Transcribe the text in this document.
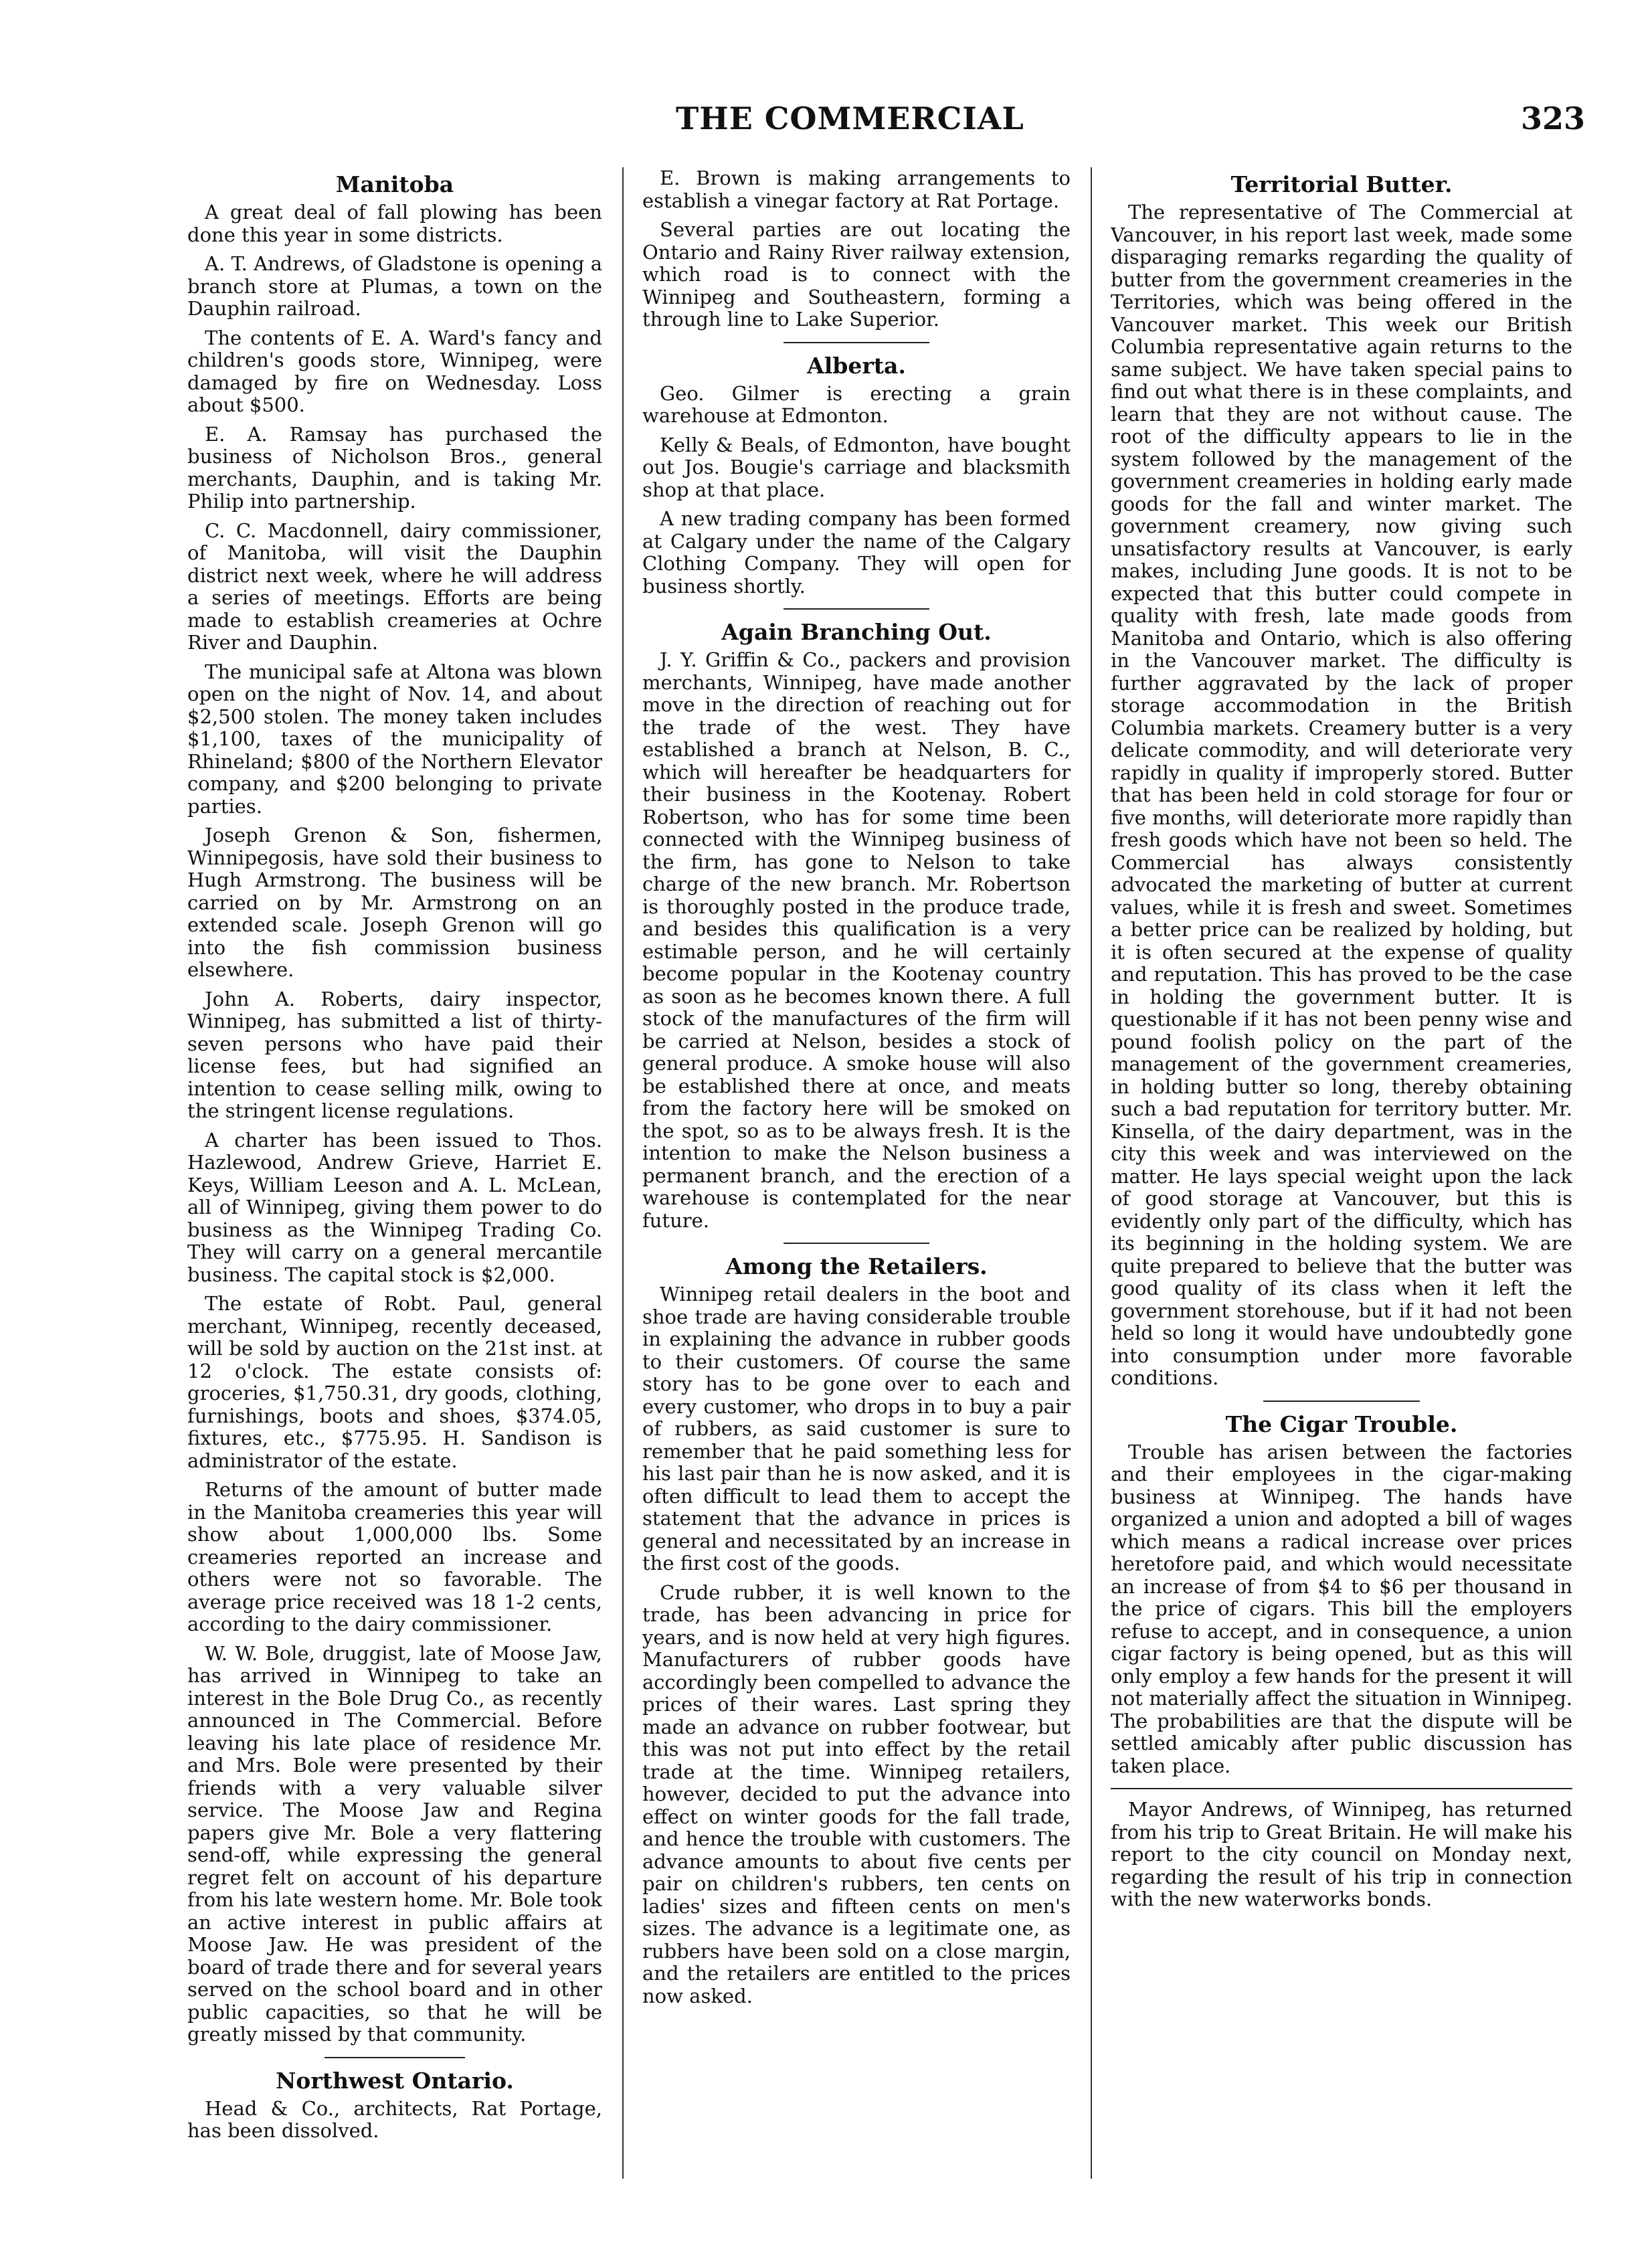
THE COMMERCIAL	323
Manitoba

A great deal of fall plowing has been done this year in some districts.

A. T. Andrews, of Gladstone is opening a branch store at Plumas, a town on the Dauphin railroad.

The contents of E. A. Ward's fancy and children's goods store, Winnipeg, were damaged by fire on Wednesday. Loss about $500.

E. A. Ramsay has purchased the business of Nicholson Bros., general merchants, Dauphin, and is taking Mr. Philip into partnership.

C. C. Macdonnell, dairy commissioner, of Manitoba, will visit the Dauphin district next week, where he will address a series of meetings. Efforts are being made to establish creameries at Ochre River and Dauphin.

The municipal safe at Altona was blown open on the night of Nov. 14, and about $2,500 stolen. The money taken includes $1,100, taxes of the municipality of Rhineland; $800 of the Northern Elevator company, and $200 belonging to private parties.

Joseph Grenon & Son, fishermen, Winnipegosis, have sold their business to Hugh Armstrong. The business will be carried on by Mr. Armstrong on an extended scale. Joseph Grenon will go into the fish commission business elsewhere.

John A. Roberts, dairy inspector, Winnipeg, has submitted a list of thirty-seven persons who have paid their license fees, but had signified an intention to cease selling milk, owing to the stringent license regulations.

A charter has been issued to Thos. Hazlewood, Andrew Grieve, Harriet E. Keys, William Leeson and A. L. McLean, all of Winnipeg, giving them power to do business as the Winnipeg Trading Co. They will carry on a general mercantile business. The capital stock is $2,000.

The estate of Robt. Paul, general merchant, Winnipeg, recently deceased, will be sold by auction on the 21st inst. at 12 o'clock. The estate consists of: groceries, $1,750.31, dry goods, clothing, furnishings, boots and shoes, $374.05, fixtures, etc., $775.95. H. Sandison is administrator of the estate.

Returns of the amount of butter made in the Manitoba creameries this year will show about 1,000,000 lbs. Some creameries reported an increase and others were not so favorable. The average price received was 18 1-2 cents, according to the dairy commissioner.

W. W. Bole, druggist, late of Moose Jaw, has arrived in Winnipeg to take an interest in the Bole Drug Co., as recently announced in The Commercial. Before leaving his late place of residence Mr. and Mrs. Bole were presented by their friends with a very valuable silver service. The Moose Jaw and Regina papers give Mr. Bole a very flattering send-off, while expressing the general regret felt on account of his departure from his late western home. Mr. Bole took an active interest in public affairs at Moose Jaw. He was president of the board of trade there and for several years served on the school board and in other public capacities, so that he will be greatly missed by that community.

Northwest Ontario.

Head & Co., architects, Rat Portage, has been dissolved.

E. Brown is making arrangements to establish a vinegar factory at Rat Portage.

Several parties are out locating the Ontario and Rainy River railway extension, which road is to connect with the Winnipeg and Southeastern, forming a through line to Lake Superior.

Alberta.

Geo. Gilmer is erecting a grain warehouse at Edmonton.

Kelly & Beals, of Edmonton, have bought out Jos. Bougie's carriage and blacksmith shop at that place.

A new trading company has been formed at Calgary under the name of the Calgary Clothing Company. They will open for business shortly.

Again Branching Out.

J. Y. Griffin & Co., packers and provision merchants, Winnipeg, have made another move in the direction of reaching out for the trade of the west. They have established a branch at Nelson, B. C., which will hereafter be headquarters for their business in the Kootenay. Robert Robertson, who has for some time been connected with the Winnipeg business of the firm, has gone to Nelson to take charge of the new branch. Mr. Robertson is thoroughly posted in the produce trade, and besides this qualification is a very estimable person, and he will certainly become popular in the Kootenay country as soon as he becomes known there. A full stock of the manufactures of the firm will be carried at Nelson, besides a stock of general produce. A smoke house will also be established there at once, and meats from the factory here will be smoked on the spot, so as to be always fresh. It is the intention to make the Nelson business a permanent branch, and the erection of a warehouse is contemplated for the near future.

Among the Retailers.

Winnipeg retail dealers in the boot and shoe trade are having considerable trouble in explaining the advance in rubber goods to their customers. Of course the same story has to be gone over to each and every customer, who drops in to buy a pair of rubbers, as said customer is sure to remember that he paid something less for his last pair than he is now asked, and it is often difficult to lead them to accept the statement that the advance in prices is general and necessitated by an increase in the first cost of the goods.

Crude rubber, it is well known to the trade, has been advancing in price for years, and is now held at very high figures. Manufacturers of rubber goods have accordingly been compelled to advance the prices of their wares. Last spring they made an advance on rubber footwear, but this was not put into effect by the retail trade at the time. Winnipeg retailers, however, decided to put the advance into effect on winter goods for the fall trade, and hence the trouble with customers. The advance amounts to about five cents per pair on children's rubbers, ten cents on ladies' sizes and fifteen cents on men's sizes. The advance is a legitimate one, as rubbers have been sold on a close margin, and the retailers are entitled to the prices now asked.

Territorial Butter.

The representative of The Commercial at Vancouver, in his report last week, made some disparaging remarks regarding the quality of butter from the government creameries in the Territories, which was being offered in the Vancouver market. This week our British Columbia representative again returns to the same subject. We have taken special pains to find out what there is in these complaints, and learn that they are not without cause. The root of the difficulty appears to lie in the system followed by the management of the government creameries in holding early made goods for the fall and winter market. The government creamery, now giving such unsatisfactory results at Vancouver, is early makes, including June goods. It is not to be expected that this butter could compete in quality with fresh, late made goods from Manitoba and Ontario, which is also offering in the Vancouver market. The difficulty is further aggravated by the lack of proper storage accommodation in the British Columbia markets. Creamery butter is a very delicate commodity, and will deteriorate very rapidly in quality if improperly stored. Butter that has been held in cold storage for four or five months, will deteriorate more rapidly than fresh goods which have not been so held. The Commercial has always consistently advocated the marketing of butter at current values, while it is fresh and sweet. Sometimes a better price can be realized by holding, but it is often secured at the expense of quality and reputation. This has proved to be the case in holding the government butter. It is questionable if it has not been penny wise and pound foolish policy on the part of the management of the government creameries, in holding butter so long, thereby obtaining such a bad reputation for territory butter. Mr. Kinsella, of the dairy department, was in the city this week and was interviewed on the matter. He lays special weight upon the lack of good storage at Vancouver, but this is evidently only part of the difficulty, which has its beginning in the holding system. We are quite prepared to believe that the butter was good quality of its class when it left the government storehouse, but if it had not been held so long it would have undoubtedly gone into consumption under more favorable conditions.

The Cigar Trouble.

Trouble has arisen between the factories and their employees in the cigar-making business at Winnipeg. The hands have organized a union and adopted a bill of wages which means a radical increase over prices heretofore paid, and which would necessitate an increase of from $4 to $6 per thousand in the price of cigars. This bill the employers refuse to accept, and in consequence, a union cigar factory is being opened, but as this will only employ a few hands for the present it will not materially affect the situation in Winnipeg. The probabilities are that the dispute will be settled amicably after public discussion has taken place.

Mayor Andrews, of Winnipeg, has returned from his trip to Great Britain. He will make his report to the city council on Monday next, regarding the result of his trip in connection with the new waterworks bonds.
